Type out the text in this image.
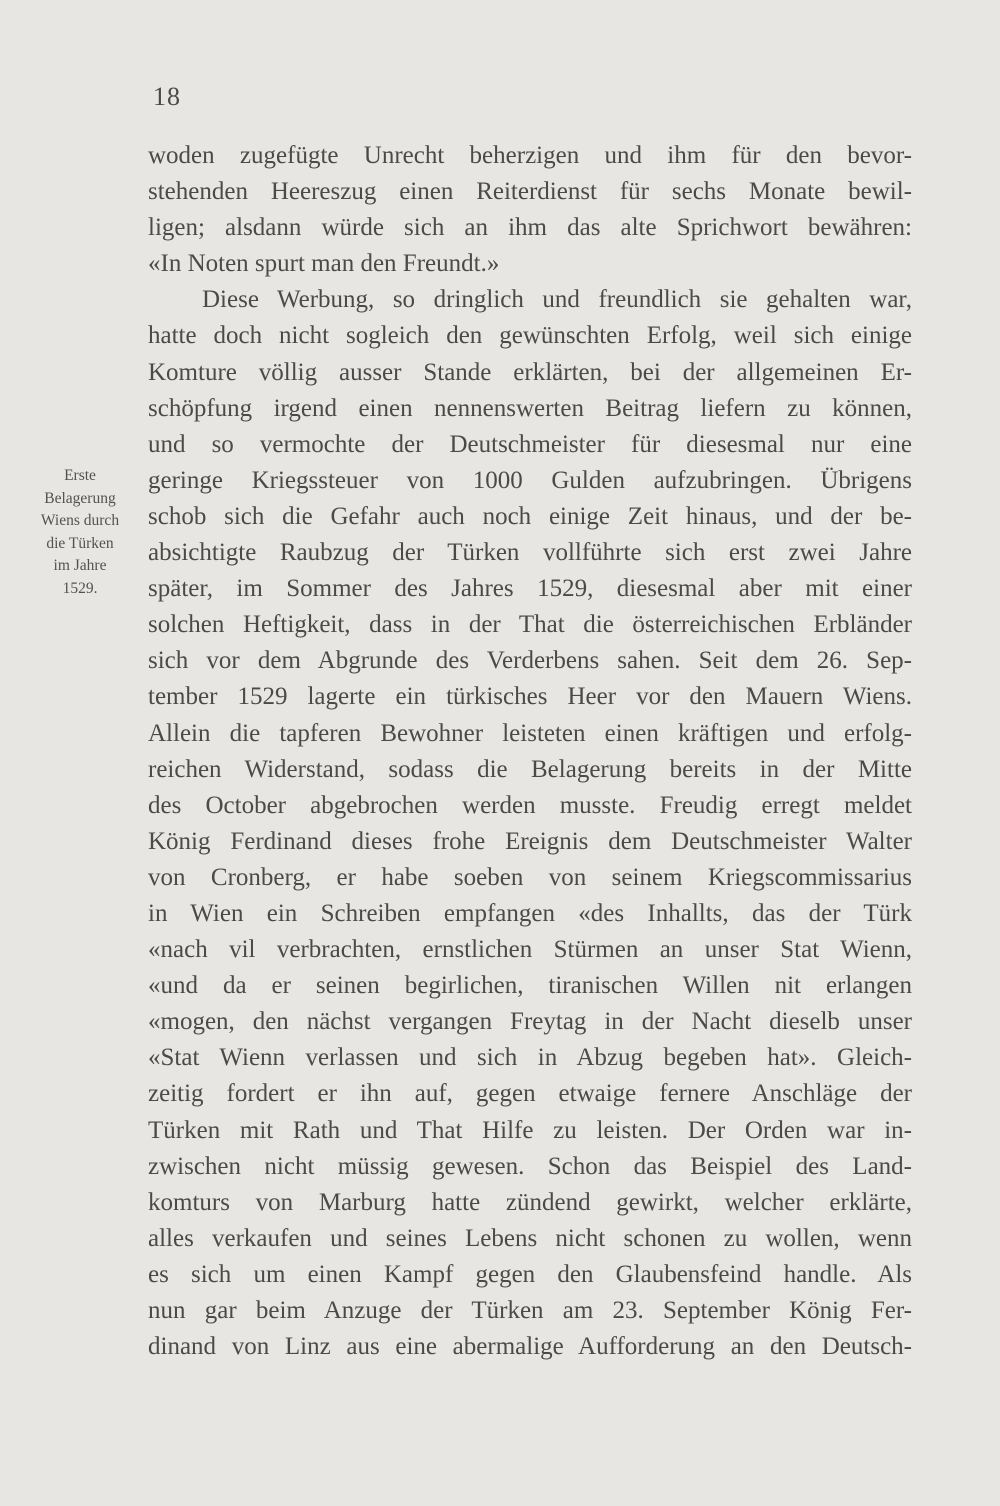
18
Erste
Belagerung
Wiens durch
die Türken
im Jahre
1529.
woden zugefügte Unrecht beherzigen und ihm für den bevor-
stehenden Heereszug einen Reiterdienst für sechs Monate bewil-
ligen; alsdann würde sich an ihm das alte Sprichwort bewähren:
«In Noten spurt man den Freundt.»
Diese Werbung, so dringlich und freundlich sie gehalten war,
hatte doch nicht sogleich den gewünschten Erfolg, weil sich einige
Komture völlig ausser Stande erklärten, bei der allgemeinen Er-
schöpfung irgend einen nennenswerten Beitrag liefern zu können,
und so vermochte der Deutschmeister für diesesmal nur eine
geringe Kriegssteuer von 1000 Gulden aufzubringen. Übrigens
schob sich die Gefahr auch noch einige Zeit hinaus, und der be-
absichtigte Raubzug der Türken vollführte sich erst zwei Jahre
später, im Sommer des Jahres 1529, diesesmal aber mit einer
solchen Heftigkeit, dass in der That die österreichischen Erbländer
sich vor dem Abgrunde des Verderbens sahen. Seit dem 26. Sep-
tember 1529 lagerte ein türkisches Heer vor den Mauern Wiens.
Allein die tapferen Bewohner leisteten einen kräftigen und erfolg-
reichen Widerstand, sodass die Belagerung bereits in der Mitte
des October abgebrochen werden musste. Freudig erregt meldet
König Ferdinand dieses frohe Ereignis dem Deutschmeister Walter
von Cronberg, er habe soeben von seinem Kriegscommissarius
in Wien ein Schreiben empfangen «des Inhallts, das der Türk
«nach vil verbrachten, ernstlichen Stürmen an unser Stat Wienn,
«und da er seinen begirlichen, tiranischen Willen nit erlangen
«mogen, den nächst vergangen Freytag in der Nacht dieselb unser
«Stat Wienn verlassen und sich in Abzug begeben hat». Gleich-
zeitig fordert er ihn auf, gegen etwaige fernere Anschläge der
Türken mit Rath und That Hilfe zu leisten. Der Orden war in-
zwischen nicht müssig gewesen. Schon das Beispiel des Land-
komturs von Marburg hatte zündend gewirkt, welcher erklärte,
alles verkaufen und seines Lebens nicht schonen zu wollen, wenn
es sich um einen Kampf gegen den Glaubensfeind handle. Als
nun gar beim Anzuge der Türken am 23. September König Fer-
dinand von Linz aus eine abermalige Aufforderung an den Deutsch-
